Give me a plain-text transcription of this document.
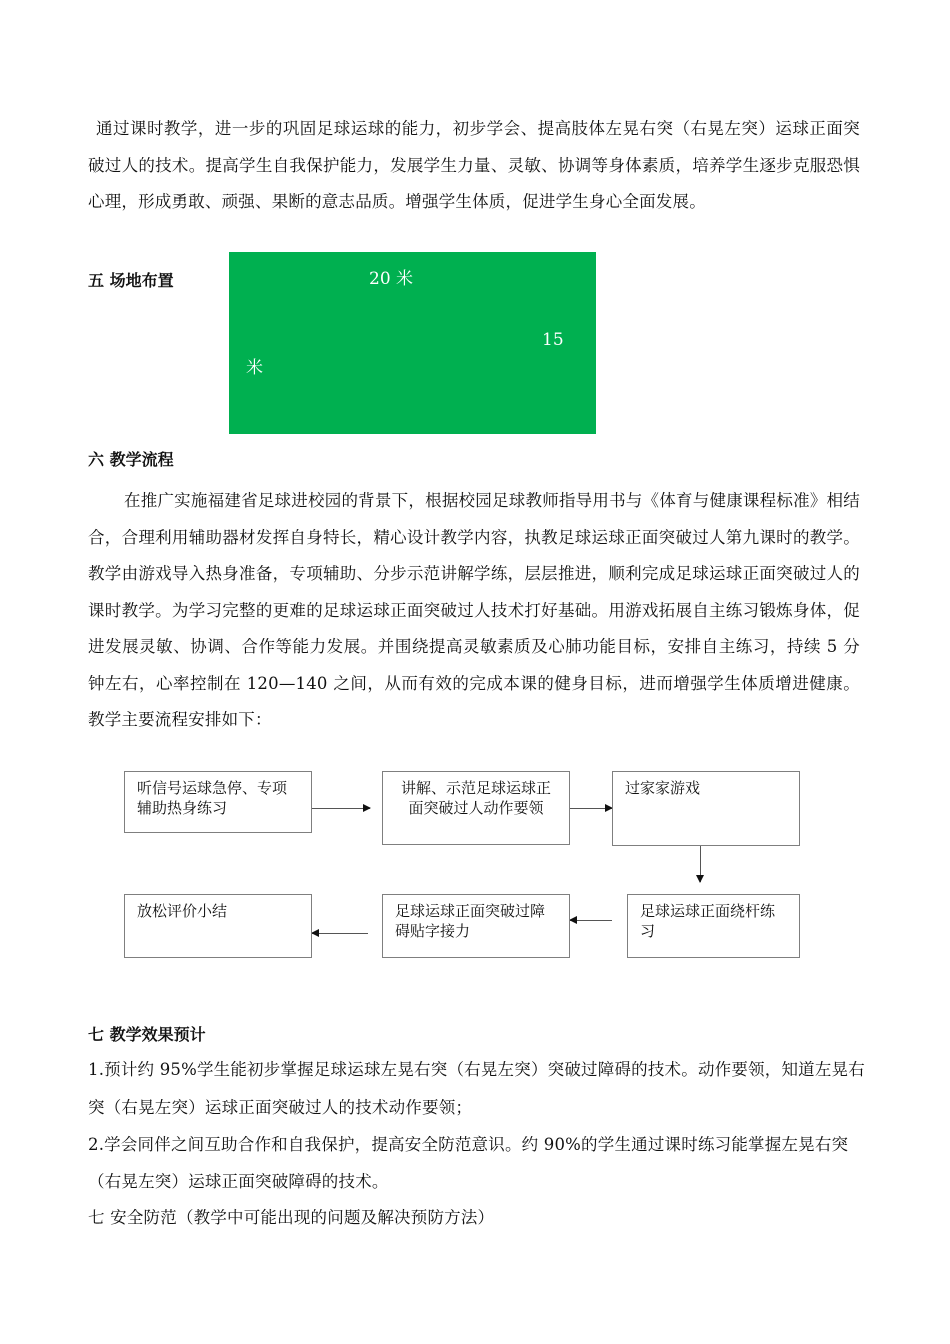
通过课时教学，进一步的巩固足球运球的能力，初步学会、提高肢体左晃右突（右晃左突）运球正面突破过人的技术。提高学生自我保护能力，发展学生力量、灵敏、协调等身体素质，培养学生逐步克服恐惧心理，形成勇敢、顽强、果断的意志品质。增强学生体质，促进学生身心全面发展。
五 场地布置	20 米
15
米
六 教学流程
在推广实施福建省足球进校园的背景下，根据校园足球教师指导用书与《体育与健康课程标准》相结合，合理利用辅助器材发挥自身特长，精心设计教学内容，执教足球运球正面突破过人第九课时的教学。教学由游戏导入热身准备，专项辅助、分步示范讲解学练，层层推进，顺利完成足球运球正面突破过人的课时教学。为学习完整的更难的足球运球正面突破过人技术打好基础。用游戏拓展自主练习锻炼身体，促进发展灵敏、协调、合作等能力发展。并围绕提高灵敏素质及心肺功能目标，安排自主练习，持续 5 分钟左右，心率控制在 120—140 之间，从而有效的完成本课的健身目标，进而增强学生体质增进健康。教学主要流程安排如下：
听信号运球急停、专项辅助热身练习
讲解、示范足球运球正面突破过人动作要领
过家家游戏
足球运球正面绕杆练习
足球运球正面突破过障碍贴字接力
放松评价小结
七 教学效果预计
1.预计约 95%学生能初步掌握足球运球左晃右突（右晃左突）突破过障碍的技术。动作要领，知道左晃右
突（右晃左突）运球正面突破过人的技术动作要领；
2.学会同伴之间互助合作和自我保护，提高安全防范意识。约 90%的学生通过课时练习能掌握左晃右突
（右晃左突）运球正面突破障碍的技术。
七 安全防范（教学中可能出现的问题及解决预防方法）
